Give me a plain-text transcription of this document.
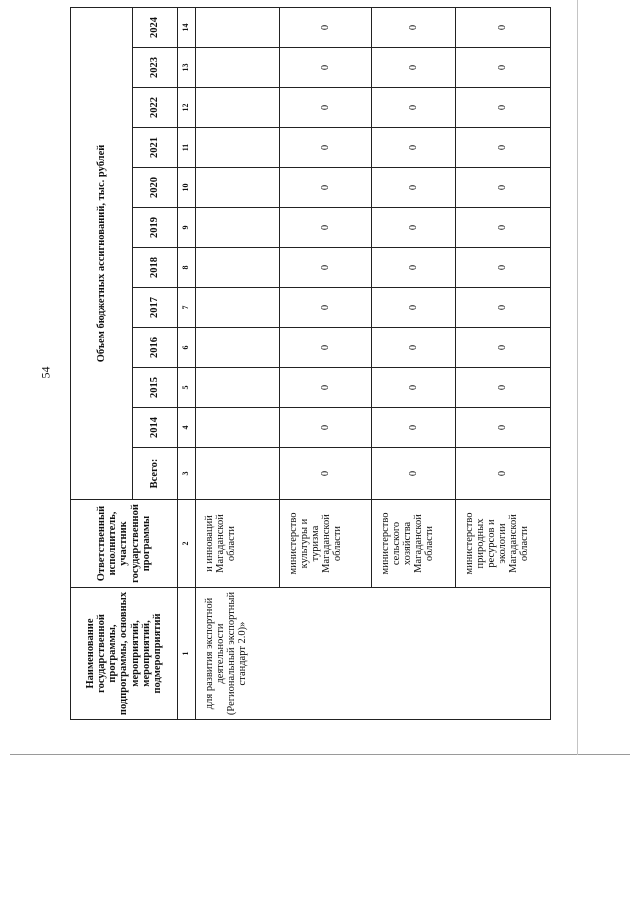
54
Наименование государственной программы, подпрограммы, основных мероприятий, мероприятий, подмероприятий	Ответственный исполнитель, участник государственной программы	Объем бюджетных ассигнований, тыс. рублей											
		Всего:	2014	2015	2016	2017	2018	2019	2020	2021	2022	2023	2024
1	2	3	4	5	6	7	8	9	10	11	12	13	14
для развития экспортной деятельности (Региональный экспортный стандарт 2.0)»	и инноваций Магаданской области												
	министерство культуры и туризма Магаданской области	0	0	0	0	0	0	0	0	0	0	0	0
	министерство сельского хозяйства Магаданской области	0	0	0	0	0	0	0	0	0	0	0	0
	министерство природных ресурсов и экологии Магаданской области	0	0	0	0	0	0	0	0	0	0	0	0
